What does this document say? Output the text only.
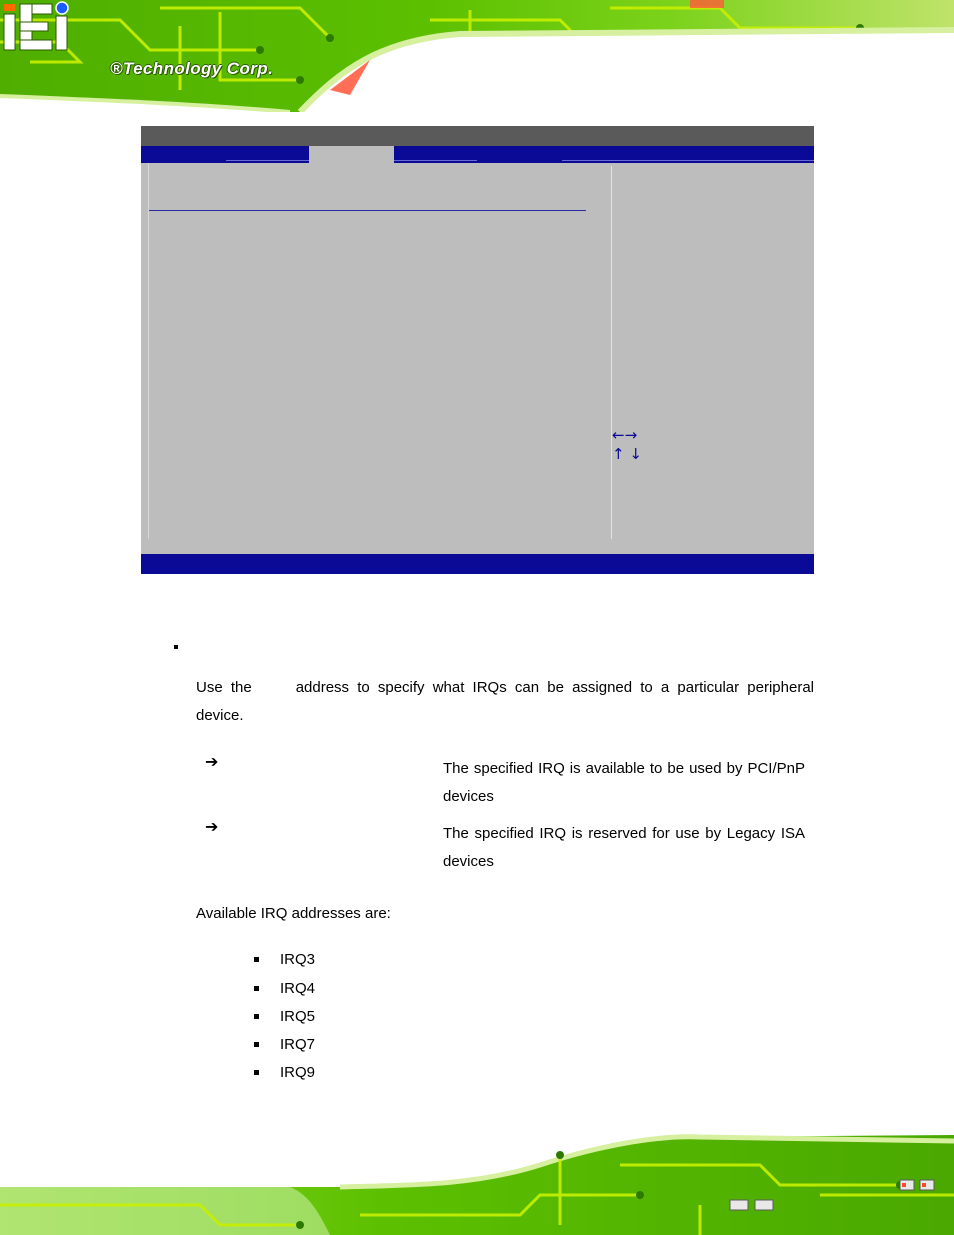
®Technology Corp.
←→
↑ ↓
Use the	address to specify what IRQs can be assigned to a particular peripheral device.
➔	The specified IRQ is available to be used by PCI/PnP devices
➔	The specified IRQ is reserved for use by Legacy ISA devices
Available IRQ addresses are:
IRQ3
IRQ4
IRQ5
IRQ7
IRQ9
